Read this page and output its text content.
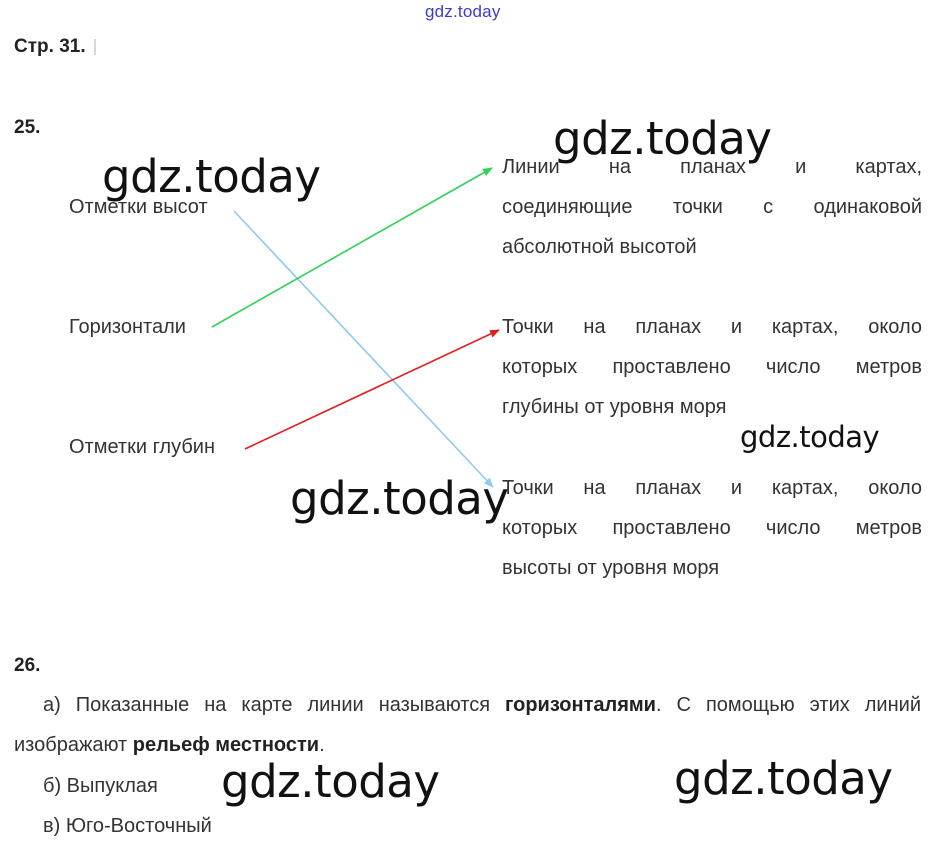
gdz.today
gdz.today
gdz.today
gdz.today
gdz.today
gdz.today	gdz.today
Стр. 31.
25.
Отметки высот
Горизонтали
Отметки глубин
Линии на планах и картах,
соединяющие точки с одинаковой
абсолютной высотой
Точки на планах и картах, около
которых проставлено число метров
глубины от уровня моря
Точки на планах и картах, около
которых проставлено число метров
высоты от уровня моря
26.
а) Показанные на карте линии называются горизонталями. С помощью этих линий изображают рельеф местности.
б) Выпуклая
в) Юго-Восточный
